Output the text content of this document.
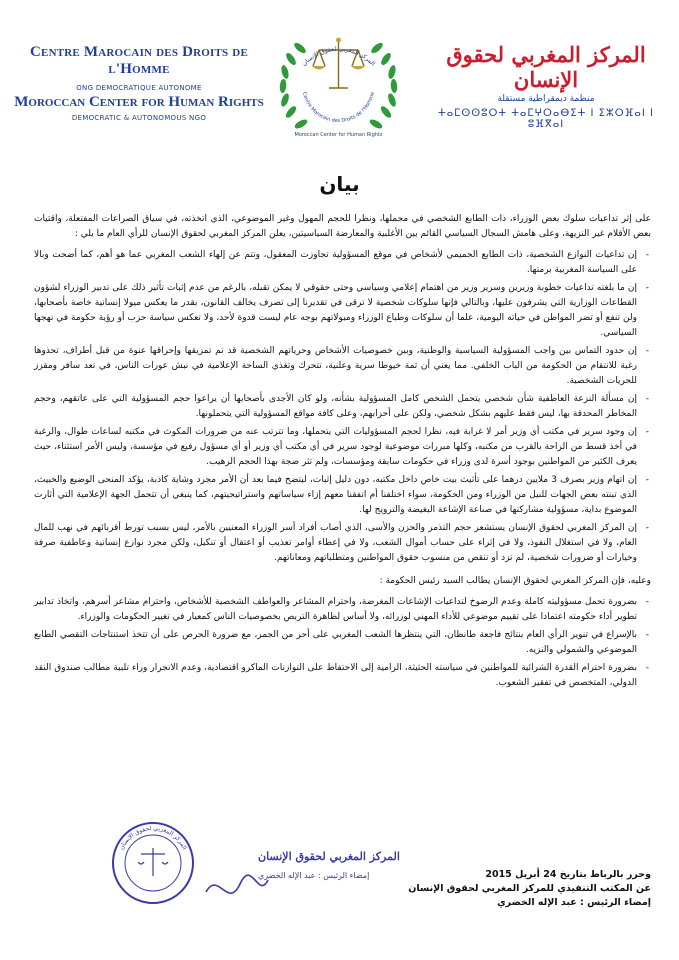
Centre Marocain des Droits de l'Homme
ONG DEMOCRATIQUE AUTONOME
Moroccan Center for Human Rights
DEMOCRATIC & AUTONOMOUS NGO
المركز المغربي لحقوق الإنسان
Centre Marocain des Droits de l'Homme
Moroccan Center for Human Rights
المركز المغربي لحقوق الإنسان
منظمة ديمقراطية مستقلة
ⵜⴰⵎⵙⵙⵓⵔⵜ ⵜⴰⵎⵖⵔⴰⴱⵉⵜ ⵏ ⵉⵣⵔⴼⴰⵏ ⵏ ⵓⴼⴳⴰⵏ
بيان

على إثر تداعيات سلوك بعض الوزراء، ذات الطابع الشخصي في مجملها، ونظرا للحجم المهول وغير الموضوعي، الذي اتخذته، في سياق الصراعات المفتعلة، واقتيات بعض الأقلام غير النزيهة، وعلى هامش السجال السياسي القائم بين الأغلبية والمعارضة السياسيتين، يعلن المركز المغربي لحقوق الإنسان للرأي العام ما يلي :

- إن تداعيات النوازع الشخصية، ذات الطابع الحميمي لأشخاص في موقع المسؤولية تجاوزت المعقول، وتتم عن إلهاء الشعب المغربي عما هو أهم، كما أضحت وبالا على السياسة المغربية برمتها.
- إن ما بلغته تداعيات خطوبة وزيرين وسرير وزير من اهتمام إعلامي وسياسي وحتى حقوقي لا يمكن تقبله، بالرغم من عدم إثبات تأثير ذلك على تدبير الوزراء لشؤون القطاعات الوزارية التي يشرفون عليها، وبالتالي فإنها سلوكات شخصية لا ترقى في تقديرنا إلى تصرف يخالف القانون، بقدر ما يعكس ميولا إنسانية خاصة بأصحابها، ولن تنفع أو تضر المواطن في حياته اليومية، علما أن سلوكات وطباع الوزراء وميولاتهم بوجه عام ليست قدوة لأحد، ولا تعكس سياسة حزب أو رؤية حكومة في نهجها السياسي.
- إن حدود التماس بين واجب المسؤولية السياسية والوطنية، وبين خصوصيات الأشخاص وحرياتهم الشخصية قد تم تمزيقها وإحراقها عنوة من قبل أطراف، تحذوها رغبة للانتقام من الحكومة من الباب الخلفي. مما يعني أن ثمة خيوطا سرية وعلنية، تتحرك وتغذي الساحة الإعلامية في نبش عورات الناس، في تعد سافر ومقزز للحريات الشخصية.
- إن مسألة النزعة العاطفية شأن شخصي يتحمل الشخص كامل المسؤولية بشأنه، ولو كان الأجدى بأصحابها أن يراعوا حجم المسؤولية التي على عاتقهم، وحجم المخاطر المحدقة بها، ليس فقط عليهم بشكل شخصي، ولكن على أحزابهم، وعلى كافة مواقع المسؤولية التي يتحملونها.
- إن وجود سرير في مكتب أي وزير أمر لا غرابة فيه، نظرا لحجم المسؤوليات التي يتحملها، وما تترتب عنه من ضرورات المكوث في مكتبه لساعات طوال، والرغبة في أخذ قسط من الراحة بالقرب من مكتبه، وكلها مبررات موضوعية لوجود سرير في أي مكتب أي وزير أو أي مسؤول رفيع في مؤسسة، وليس الأمر استثناء، حيث يعرف الكثير من المواطنين بوجود أسرة لدى وزراء في حكومات سابقة ومؤسسات، ولم تثر ضجة بهذا الحجم الرهيب.
- إن اتهام وزير بصرف 3 ملايين درهما على تأثيث بيت خاص داخل مكتبه، دون دليل إثبات، ليتضح فيما بعد أن الأمر مجرد وشاية كاذبة، يؤكد المنحى الوضيع والخبيث، الذي تبنته بعض الجهات للنيل من الوزراء ومن الحكومة، سواء اختلفنا أم اتفقنا معهم إزاء سياساتهم واستراتيجيتهم، كما ينبغي أن تتحمل الجهة الإعلامية التي أثارت الموضوع بداية، مسؤولية مشاركتها في صناعة الإشاعة البغيضة والترويج لها.
- إن المركز المغربي لحقوق الإنسان يستشعر حجم التذمر والحزن والأسى، الذي أصاب أفراد أسر الوزراء المعنيين بالأمر، ليس بسبب تورط أقربائهم في نهب للمال العام، ولا في استغلال النفوذ، ولا في إثراء على حساب أموال الشعب، ولا في إعطاء أوامر تعذيب أو اعتقال أو تنكيل، ولكن مجرد نوازع إنسانية وعاطفية صرفة وخيارات أو ضرورات شخصية، لم تزد أو تنقص من منسوب حقوق المواطنين ومتطلباتهم ومعاناتهم.

وعليه، فإن المركز المغربي لحقوق الإنسان يطالب السيد رئيس الحكومة :

- بضرورة تحمل مسؤوليته كاملة وعدم الرضوخ لتداعيات الإشاعات المغرضة، واحترام المشاعر والعواطف الشخصية للأشخاص، واحترام مشاعر أسرهم، واتخاذ تدابير تطوير أداء حكومته اعتمادا على تقييم موضوعي للأداء المهني لوزرائه، ولا أساس لظاهرة التربص بخصوصيات الناس كمعيار في تغيير الحكومات والوزراء.
- بالإسراع في تنوير الرأي العام بنتائج فاجعة طانطان، التي ينتظرها الشعب المغربي على أحر من الجمر، مع ضرورة الحرص على أن تتخذ استنتاجات التقصي الطابع الموضوعي والشمولي والنزيه.
- بضرورة احترام القدرة الشرائية للمواطنين في سياسته الحثيثة، الرامية إلى الاحتفاظ على التوازنات الماكرو اقتصادية، وعدم الانجرار وراء تلبية مطالب صندوق النقد الدولي، المتخصص في تفقير الشعوب.
المركز المغربي لحقوق الإنسان
المركز المغربي لحقوق الإنسان
إمضاء الرئيس : عبد الإله الخضري	وحرر بالرباط بتاريخ 24 أبريل 2015
عن المكتب التنفيذي للمركز المغربي لحقوق الإنسان
إمضاء الرئيس : عبد الإله الخضري
